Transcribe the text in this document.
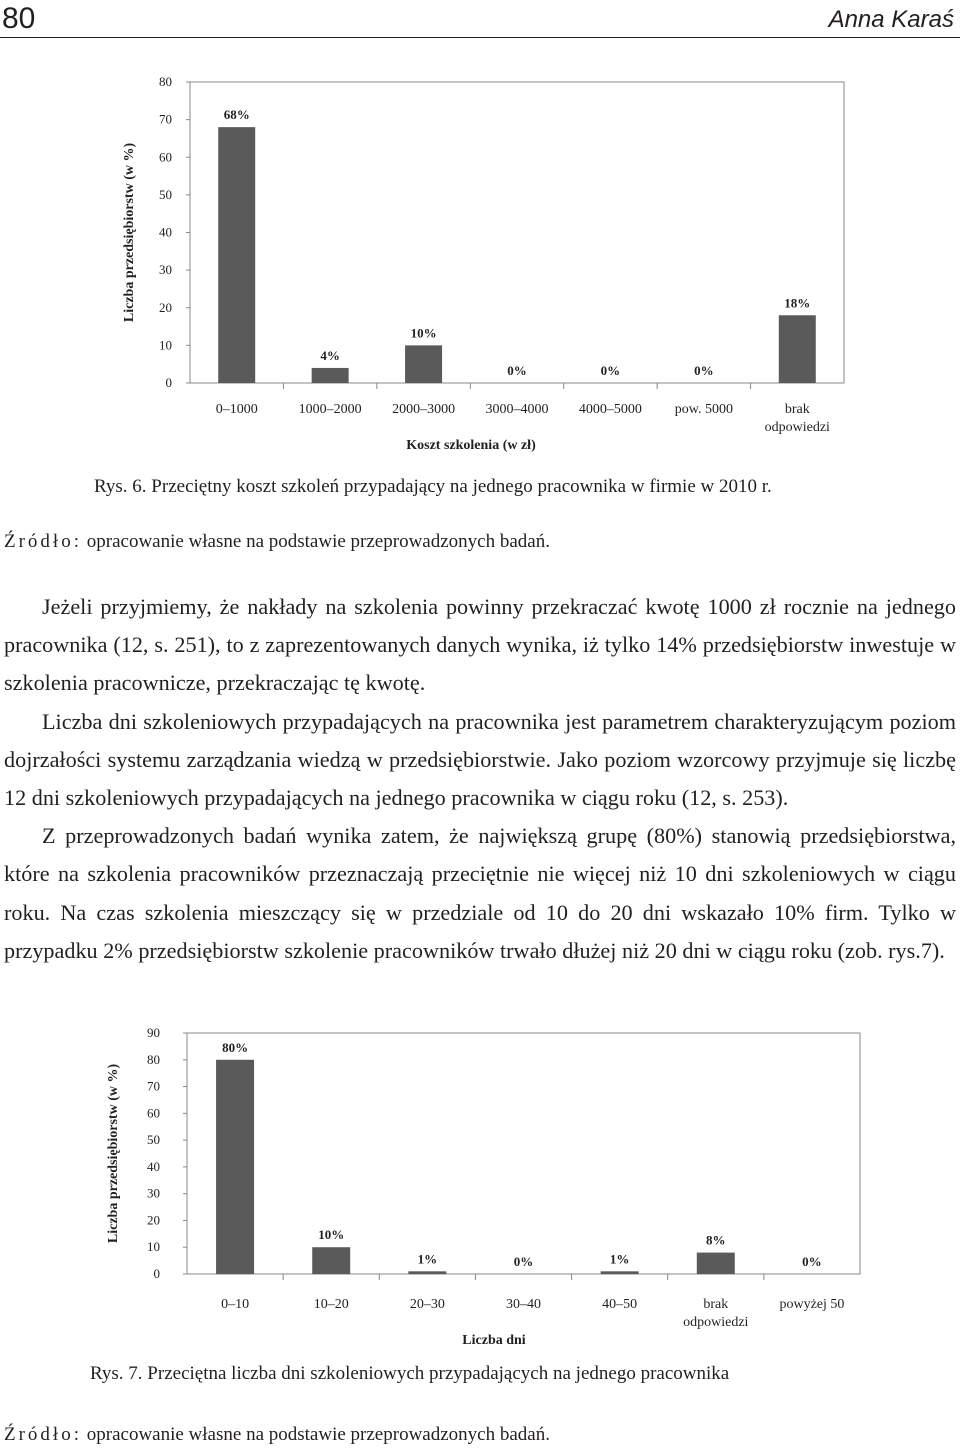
80	Anna Karaś
0
10
20
30
40
50
60
70
80
68%
4%
10%
0%	0%	0%
18%
0–1000	1000–2000 2000–3000 3000–4000 4000–5000 pow. 5000	brak odpowiedzi
Koszt szkolenia (w zł)
Liczba przedsiębiorstw (w %)
Rys. 6. Przeciętny koszt szkoleń przypadający na jednego pracownika w firmie w 2010 r.
Źródło: opracowanie własne na podstawie przeprowadzonych badań.

Jeżeli przyjmiemy, że nakłady na szkolenia powinny przekraczać kwotę 1000 zł rocznie na jednego pracownika (12, s. 251), to z zaprezentowanych danych wynika, iż tylko 14% przedsiębiorstw inwestuje w szkolenia pracownicze, przekraczając tę kwotę.

Liczba dni szkoleniowych przypadających na pracownika jest parametrem charakteryzującym poziom dojrzałości systemu zarządzania wiedzą w przedsiębiorstwie. Jako poziom wzorcowy przyjmuje się liczbę 12 dni szkoleniowych przypadających na jednego pracownika w ciągu roku (12, s. 253).

Z przeprowadzonych badań wynika zatem, że największą grupę (80%) stanowią przedsiębiorstwa, które na szkolenia pracowników przeznaczają przeciętnie nie więcej niż 10 dni szkoleniowych w ciągu roku. Na czas szkolenia mieszczący się w przedziale od 10 do 20 dni wskazało 10% firm. Tylko w przypadku 2% przedsiębiorstw szkolenie pracowników trwało dłużej niż 20 dni w ciągu roku (zob. rys.7).

0
10
20
30
40
50
60
70
80
90
80%
10%
1%	0%	1%
8%
0%
0–10	10–20	20–30	30–40	40–50	brak odpowiedzi
powyżej 50
Liczba dni
Liczba przedsiębiorstw (w %)
Rys. 7. Przeciętna liczba dni szkoleniowych przypadających na jednego pracownika
Źródło: opracowanie własne na podstawie przeprowadzonych badań.
